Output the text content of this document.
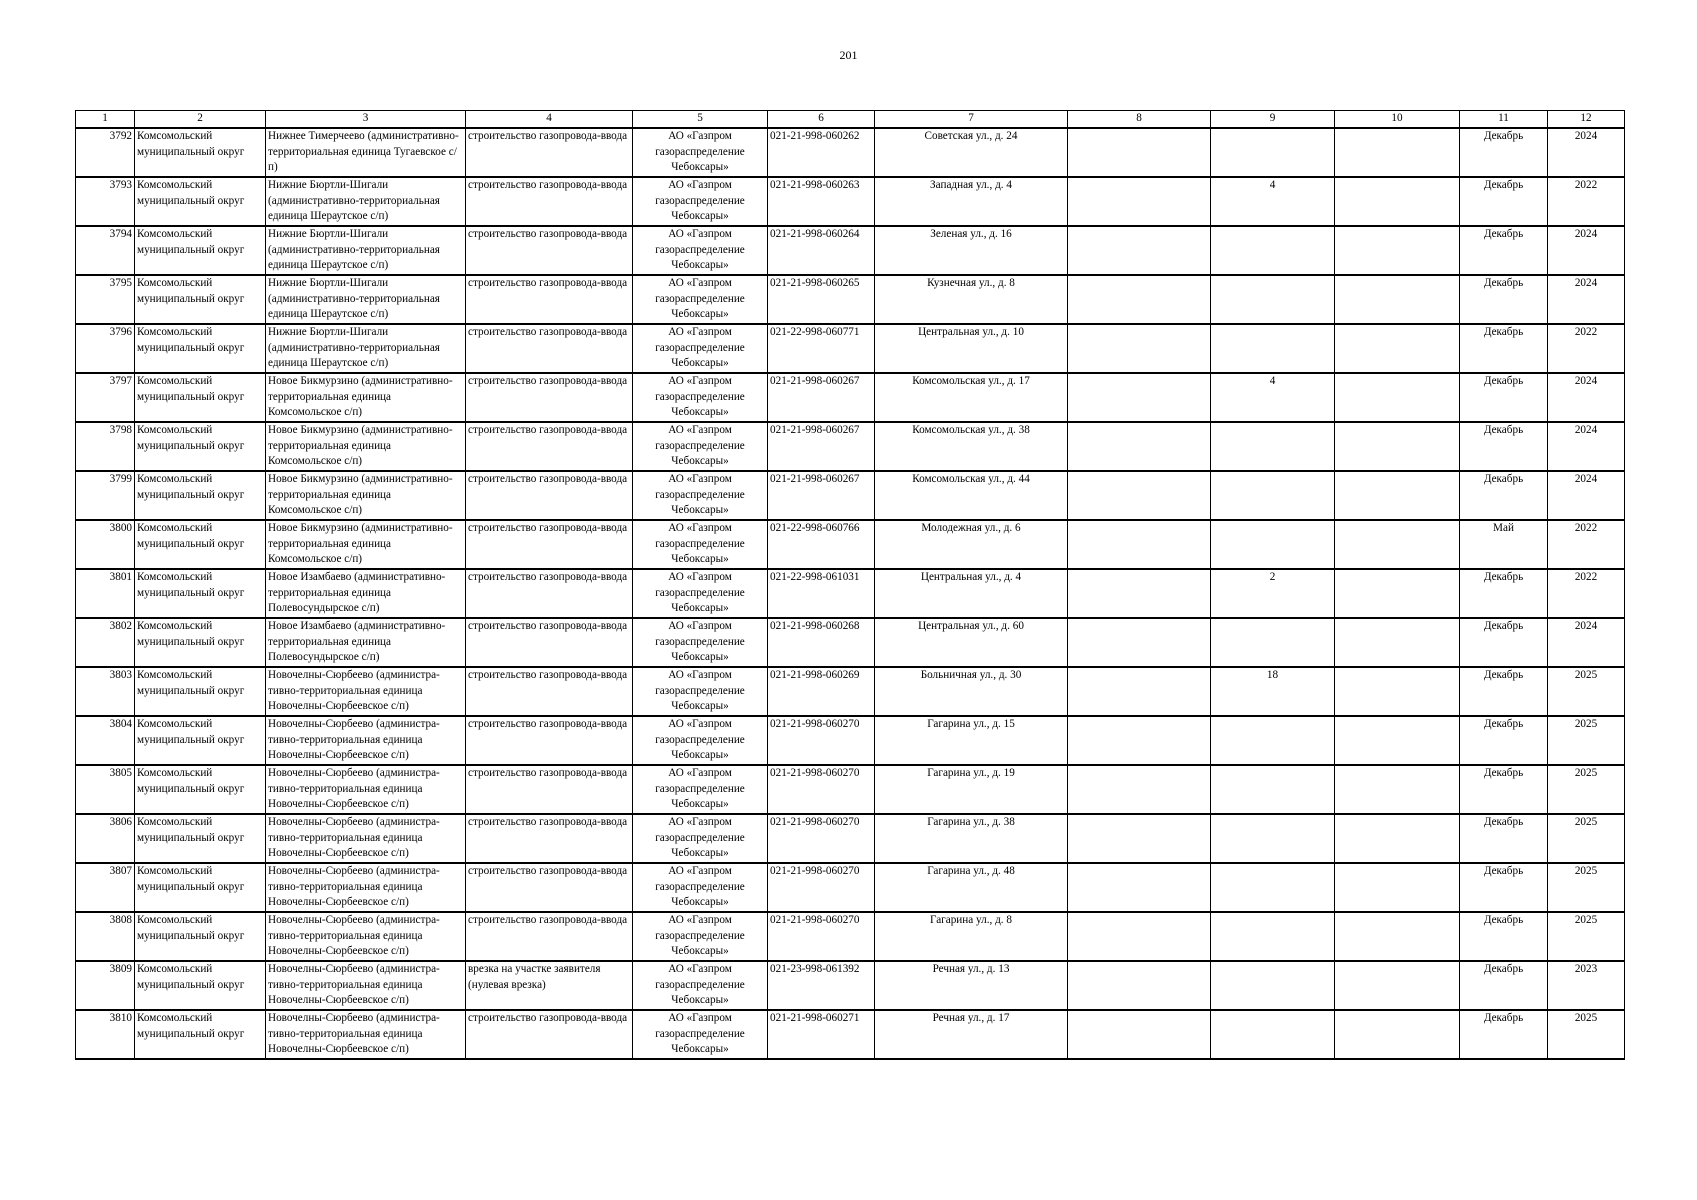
201
1	2	3	4	5	6	7	8	9	10	11	12
3792	Комсомольский муниципальный округ	Нижнее Тимерчеево (административно-территориальная единица Тугаевское с/п)	строительство газопровода-ввода	АО «Газпром газораспределение Чебоксары»	021-21-998-060262	Советская ул., д. 24				Декабрь	2024
3793	Комсомольский муниципальный округ	Нижние Бюртли-Шигали (административно-территориальная единица Шераутское с/п)	строительство газопровода-ввода	АО «Газпром газораспределение Чебоксары»	021-21-998-060263	Западная ул., д. 4		4		Декабрь	2022
3794	Комсомольский муниципальный округ	Нижние Бюртли-Шигали (административно-территориальная единица Шераутское с/п)	строительство газопровода-ввода	АО «Газпром газораспределение Чебоксары»	021-21-998-060264	Зеленая ул., д. 16				Декабрь	2024
3795	Комсомольский муниципальный округ	Нижние Бюртли-Шигали (административно-территориальная единица Шераутское с/п)	строительство газопровода-ввода	АО «Газпром газораспределение Чебоксары»	021-21-998-060265	Кузнечная ул., д. 8				Декабрь	2024
3796	Комсомольский муниципальный округ	Нижние Бюртли-Шигали (административно-территориальная единица Шераутское с/п)	строительство газопровода-ввода	АО «Газпром газораспределение Чебоксары»	021-22-998-060771	Центральная ул., д. 10				Декабрь	2022
3797	Комсомольский муниципальный округ	Новое Бикмурзино (административно-территориальная единица Комсомольское с/п)	строительство газопровода-ввода	АО «Газпром газораспределение Чебоксары»	021-21-998-060267	Комсомольская ул., д. 17		4		Декабрь	2024
3798	Комсомольский муниципальный округ	Новое Бикмурзино (административно-территориальная единица Комсомольское с/п)	строительство газопровода-ввода	АО «Газпром газораспределение Чебоксары»	021-21-998-060267	Комсомольская ул., д. 38				Декабрь	2024
3799	Комсомольский муниципальный округ	Новое Бикмурзино (административно-территориальная единица Комсомольское с/п)	строительство газопровода-ввода	АО «Газпром газораспределение Чебоксары»	021-21-998-060267	Комсомольская ул., д. 44				Декабрь	2024
3800	Комсомольский муниципальный округ	Новое Бикмурзино (административно-территориальная единица Комсомольское с/п)	строительство газопровода-ввода	АО «Газпром газораспределение Чебоксары»	021-22-998-060766	Молодежная ул., д. 6				Май	2022
3801	Комсомольский муниципальный округ	Новое Изамбаево (административно-территориальная единица Полевосундырское с/п)	строительство газопровода-ввода	АО «Газпром газораспределение Чебоксары»	021-22-998-061031	Центральная ул., д. 4		2		Декабрь	2022
3802	Комсомольский муниципальный округ	Новое Изамбаево (административно-территориальная единица Полевосундырское с/п)	строительство газопровода-ввода	АО «Газпром газораспределение Чебоксары»	021-21-998-060268	Центральная ул., д. 60				Декабрь	2024
3803	Комсомольский муниципальный округ	Новочелны-Сюрбеево (администра-тивно-территориальная единица Новочелны-Сюрбеевское с/п)	строительство газопровода-ввода	АО «Газпром газораспределение Чебоксары»	021-21-998-060269	Больничная ул., д. 30		18		Декабрь	2025
3804	Комсомольский муниципальный округ	Новочелны-Сюрбеево (администра-тивно-территориальная единица Новочелны-Сюрбеевское с/п)	строительство газопровода-ввода	АО «Газпром газораспределение Чебоксары»	021-21-998-060270	Гагарина ул., д. 15				Декабрь	2025
3805	Комсомольский муниципальный округ	Новочелны-Сюрбеево (администра-тивно-территориальная единица Новочелны-Сюрбеевское с/п)	строительство газопровода-ввода	АО «Газпром газораспределение Чебоксары»	021-21-998-060270	Гагарина ул., д. 19				Декабрь	2025
3806	Комсомольский муниципальный округ	Новочелны-Сюрбеево (администра-тивно-территориальная единица Новочелны-Сюрбеевское с/п)	строительство газопровода-ввода	АО «Газпром газораспределение Чебоксары»	021-21-998-060270	Гагарина ул., д. 38				Декабрь	2025
3807	Комсомольский муниципальный округ	Новочелны-Сюрбеево (администра-тивно-территориальная единица Новочелны-Сюрбеевское с/п)	строительство газопровода-ввода	АО «Газпром газораспределение Чебоксары»	021-21-998-060270	Гагарина ул., д. 48				Декабрь	2025
3808	Комсомольский муниципальный округ	Новочелны-Сюрбеево (администра-тивно-территориальная единица Новочелны-Сюрбеевское с/п)	строительство газопровода-ввода	АО «Газпром газораспределение Чебоксары»	021-21-998-060270	Гагарина ул., д. 8				Декабрь	2025
3809	Комсомольский муниципальный округ	Новочелны-Сюрбеево (администра-тивно-территориальная единица Новочелны-Сюрбеевское с/п)	врезка на участке заявителя (нулевая врезка)	АО «Газпром газораспределение Чебоксары»	021-23-998-061392	Речная ул., д. 13				Декабрь	2023
3810	Комсомольский муниципальный округ	Новочелны-Сюрбеево (администра-тивно-территориальная единица Новочелны-Сюрбеевское с/п)	строительство газопровода-ввода	АО «Газпром газораспределение Чебоксары»	021-21-998-060271	Речная ул., д. 17				Декабрь	2025
